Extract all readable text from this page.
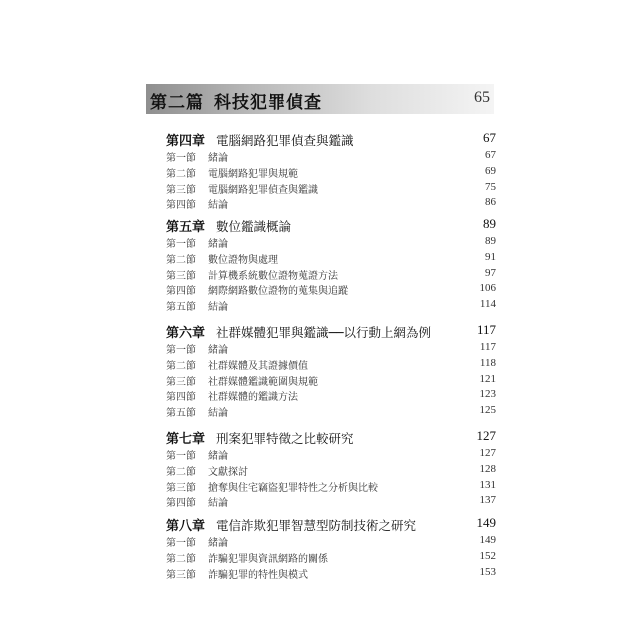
第二篇 科技犯罪偵查	65
第四章 電腦網路犯罪偵查與鑑識	67
第一節 緒論	67
第二節 電腦網路犯罪與規範	69
第三節 電腦網路犯罪偵查與鑑識	75
第四節 結論	86
第五章 數位鑑識概論	89
第一節 緒論	89
第二節 數位證物與處理	91
第三節 計算機系統數位證物蒐證方法	97
第四節 網際網路數位證物的蒐集與追蹤	106
第五節 結論	114
第六章 社群媒體犯罪與鑑識──以行動上網為例	117
第一節 緒論	117
第二節 社群媒體及其證據價值	118
第三節 社群媒體鑑識範圍與規範	121
第四節 社群媒體的鑑識方法	123
第五節 結論	125
第七章 刑案犯罪特徵之比較研究	127
第一節 緒論	127
第二節 文獻探討	128
第三節 搶奪與住宅竊盜犯罪特性之分析與比較	131
第四節 結論	137
第八章 電信詐欺犯罪智慧型防制技術之研究	149
第一節 緒論	149
第二節 詐騙犯罪與資訊網路的關係	152
第三節 詐騙犯罪的特性與模式	153
